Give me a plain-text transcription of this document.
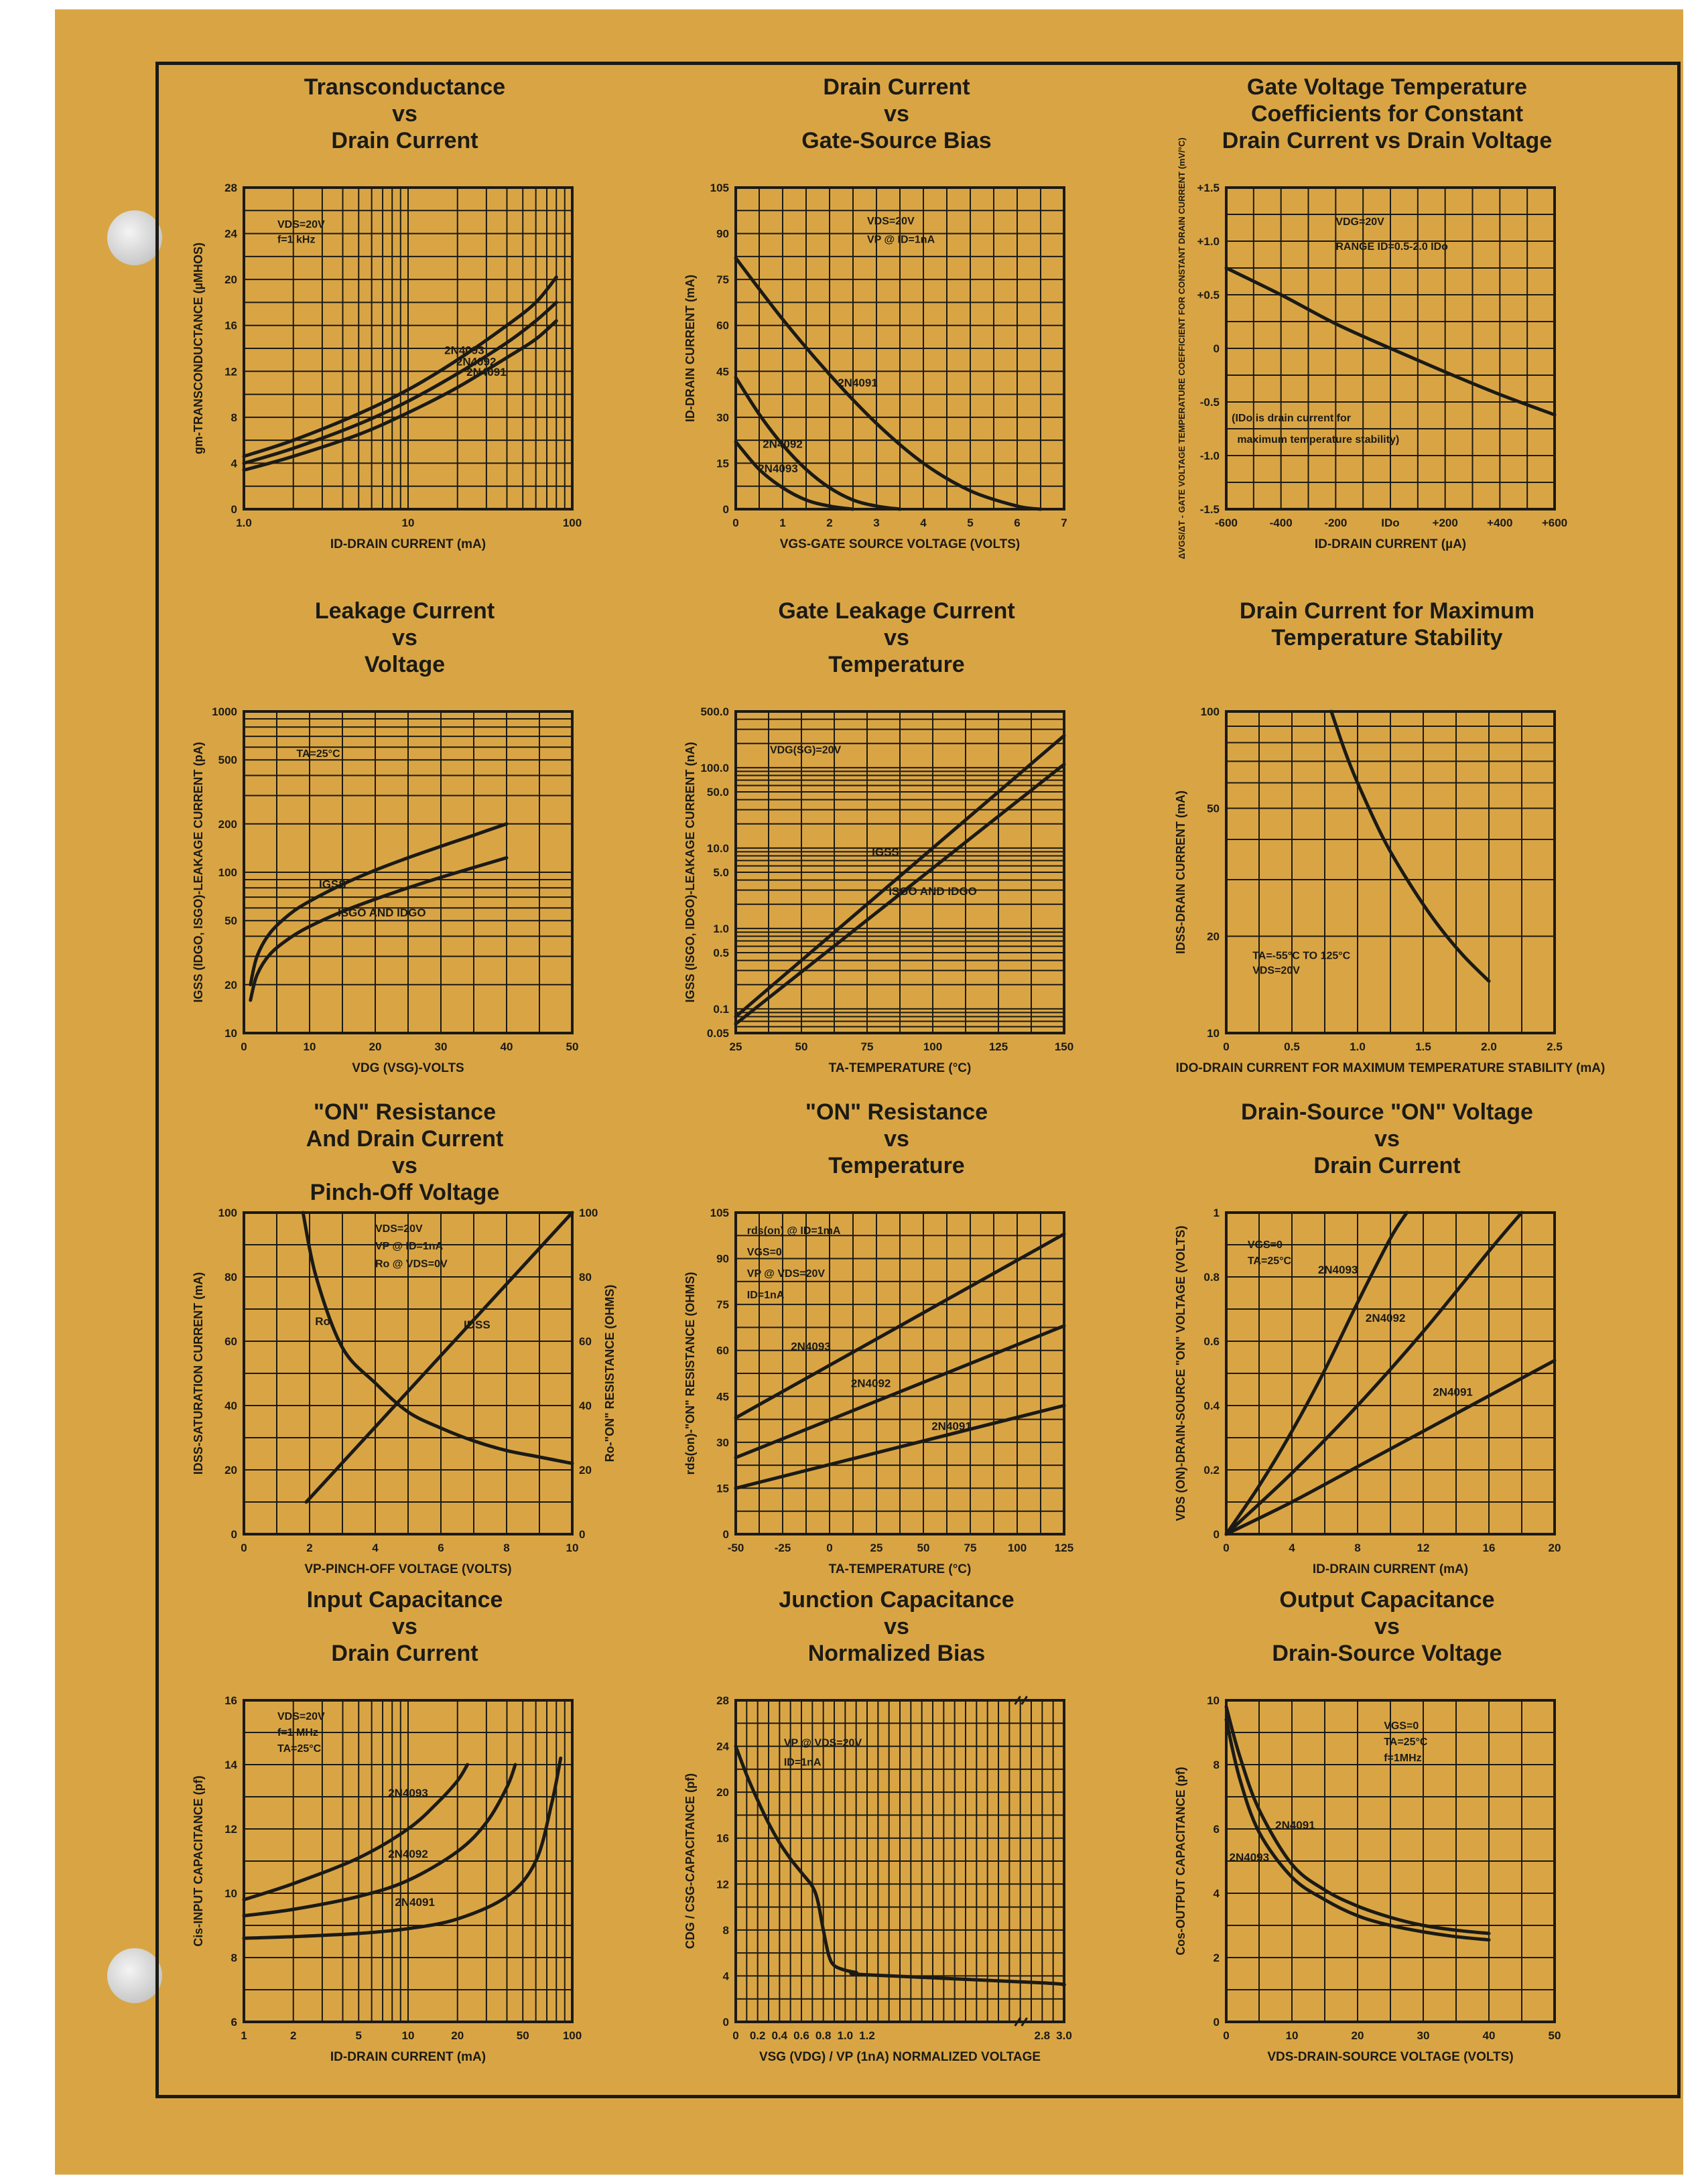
Transconductance
vs
Drain Current
1.0	10	100
0
4
8
12
16
20
24
28
ID-DRAIN CURRENT (mA)
gm-TRANSCONDUCTANCE (µMHOS)	2N4093
2N4092
2N4091
VDS=20V
f=1 kHz
Drain Current
vs
Gate-Source Bias
0	1	2	3	4	5	6	7
0
15
30
45
60
75
90
105
VGS-GATE SOURCE VOLTAGE (VOLTS)
ID-DRAIN CURRENT (mA)	2N4091
2N4092
2N4093
VDS=20V
VP @ ID=1nA
Gate Voltage Temperature
Coefficients for Constant
Drain Current vs Drain Voltage
-600	-400	-200	IDo	+200	+400	+600
-1.5
-1.0
-0.5
0
+0.5
+1.0
+1.5
ID-DRAIN CURRENT (µA)
ΔVGS/ΔT - GATE VOLTAGE TEMPERATURE COEFFICIENT FOR CONSTANT DRAIN CURRENT (mV/°C)	VDG=20V
RANGE ID=0.5-2.0 IDo
(IDo is drain current for
maximum temperature stability)
Leakage Current
vs
Voltage
0	10	20	30	40	50
10
20
50
100
200
500
1000
VDG (VSG)-VOLTS
IGSS (IDGO, ISGO)-LEAKAGE CURRENT (pA)	IGSS
ISGO AND IDGO
TA=25°C
Gate Leakage Current
vs
Temperature
25	50	75	100	125	150
0.05
0.1
0.5
1.0
5.0
10.0
50.0
100.0
500.0
TA-TEMPERATURE (°C)
IGSS (ISGO, IDGO)-LEAKAGE CURRENT (nA)	IGSS
ISGO AND IDGO
VDG(SG)=20V
Drain Current for Maximum
Temperature Stability
0	0.5	1.0	1.5	2.0	2.5
10
20
50
100
IDO-DRAIN CURRENT FOR MAXIMUM TEMPERATURE STABILITY (mA)
IDSS-DRAIN CURRENT (mA)
TA=-55°C TO 125°C
VDS=20V
"ON" Resistance
And Drain Current
vs
Pinch-Off Voltage
0	2	4	6	8	10
0
20
40
60
80
100
0
20
40
60
80
100
VP-PINCH-OFF VOLTAGE (VOLTS)
IDSS-SATURATION CURRENT (mA)	Ro-"ON" RESISTANCE (OHMS)
Ro	IDSS
VDS=20V
VP @ ID=1nA
Ro @ VDS=0V
"ON" Resistance
vs
Temperature
-50	-25	0	25	50	75	100 125
0
15
30
45
60
75
90
105
TA-TEMPERATURE (°C)
rds(on)-"ON" RESISTANCE (OHMS)	2N4093
2N4092
2N4091
rds(on) @ ID=1mA
VGS=0
VP @ VDS=20V
ID=1nA
Drain-Source "ON" Voltage
vs
Drain Current
0	4	8	12	16	20
0
0.2
0.4
0.6
0.8
1
ID-DRAIN CURRENT (mA)
VDS (ON)-DRAIN-SOURCE "ON" VOLTAGE (VOLTS)	2N4093
2N4092
2N4091
VGS=0
TA=25°C
Input Capacitance
vs
Drain Current
1	2	5	10	20	50	100
6
8
10
12
14
16
ID-DRAIN CURRENT (mA)
Cis-INPUT CAPACITANCE (pf)	2N4093
2N4092
2N4091
VDS=20V
f=1 MHz
TA=25°C
Junction Capacitance
vs
Normalized Bias
0 0.2 0.4 0.6 0.8 1.0 1.2	2.8 3.0
0
4
8
12
16
20
24
28
VSG (VDG) / VP (1nA) NORMALIZED VOLTAGE
CDG / CSG-CAPACITANCE (pf)
VP @ VDS=20V
ID=1nA
Output Capacitance
vs
Drain-Source Voltage
0	10	20	30	40	50
0
2
4
6
8
10
VDS-DRAIN-SOURCE VOLTAGE (VOLTS)
Cos-OUTPUT CAPACITANCE (pf)	2N4091
2N4093
VGS=0
TA=25°C
f=1MHz
